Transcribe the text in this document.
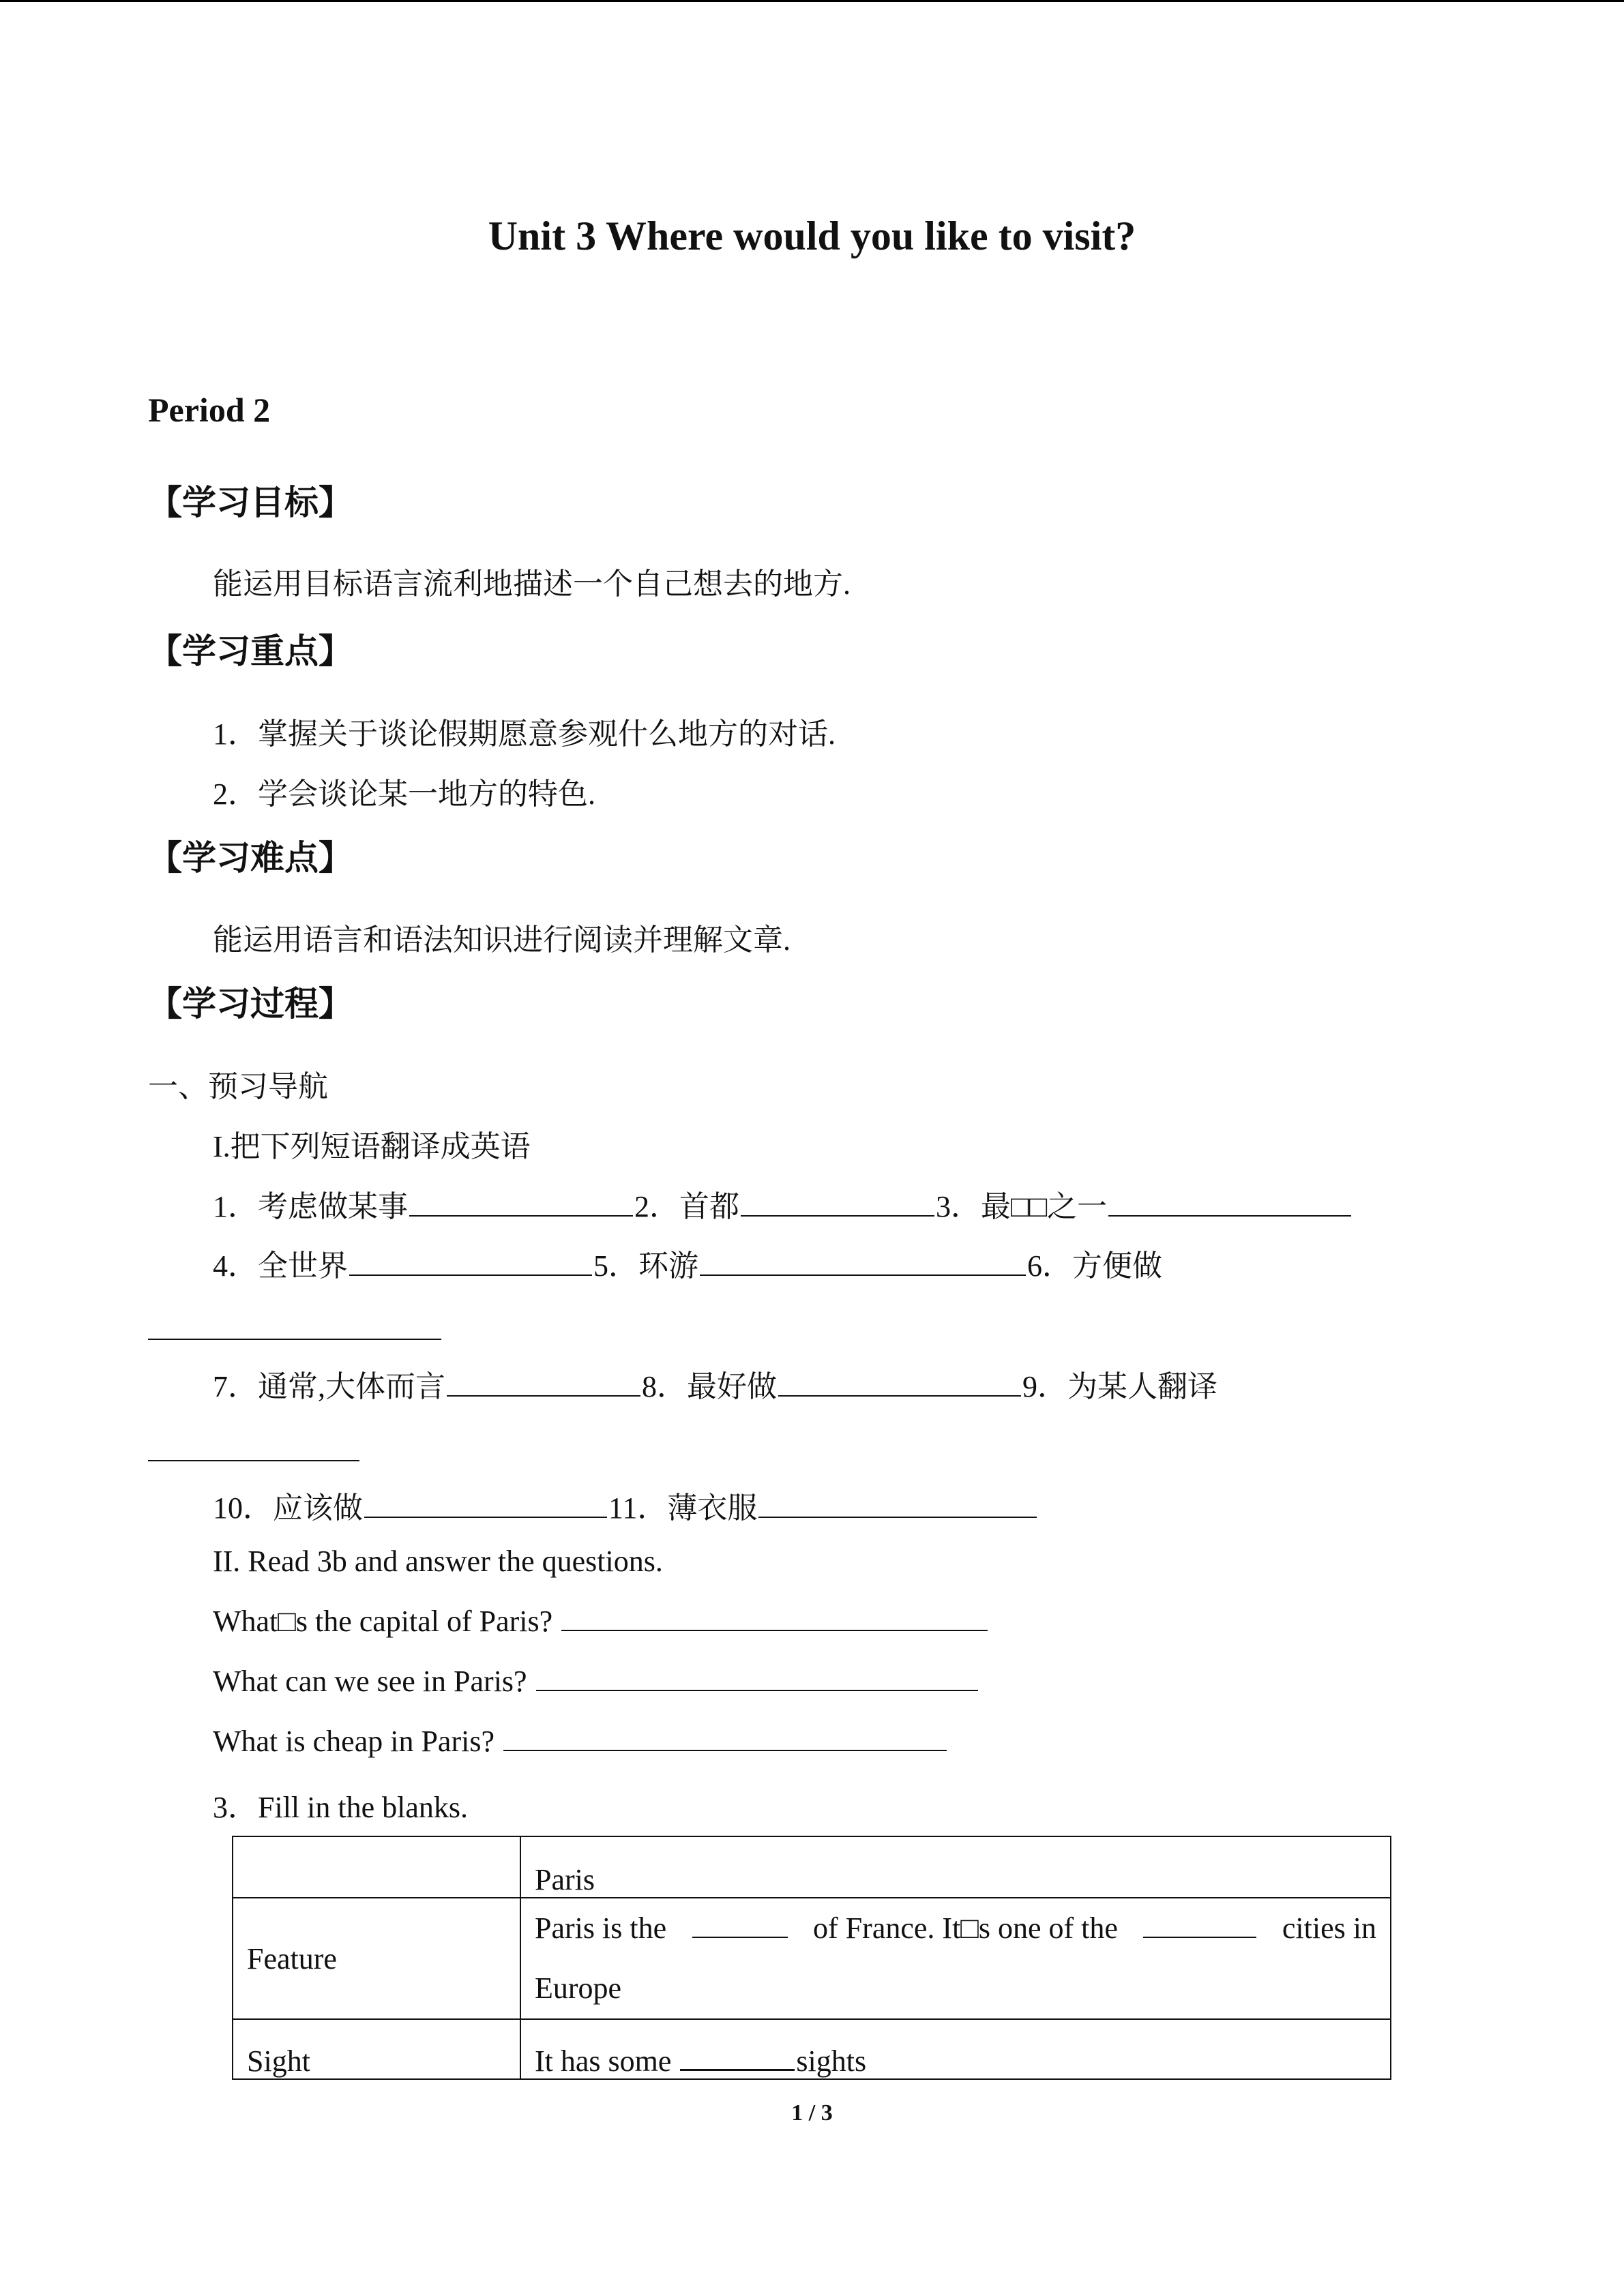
Unit 3 Where would you like to visit?
Period 2
【学习目标】
能运用目标语言流利地描述一个自己想去的地方.
【学习重点】
1．掌握关于谈论假期愿意参观什么地方的对话.
2．学会谈论某一地方的特色.
【学习难点】
能运用语言和语法知识进行阅读并理解文章.
【学习过程】
一、预习导航
I.把下列短语翻译成英语
1．考虑做某事	2．首都	3．最□□之一
4．全世界	5．环游	6．方便做
7．通常,大体而言	8．最好做	9．为某人翻译
10．应该做	11．薄衣服
II. Read 3b and answer the questions.
What□s the capital of Paris?
What can we see in Paris?
What is cheap in Paris?
3．Fill in the blanks.
	Paris
Feature	Paris is the of France. It□s one of the cities in
Europe

Sight	It has some sights
1 / 3
